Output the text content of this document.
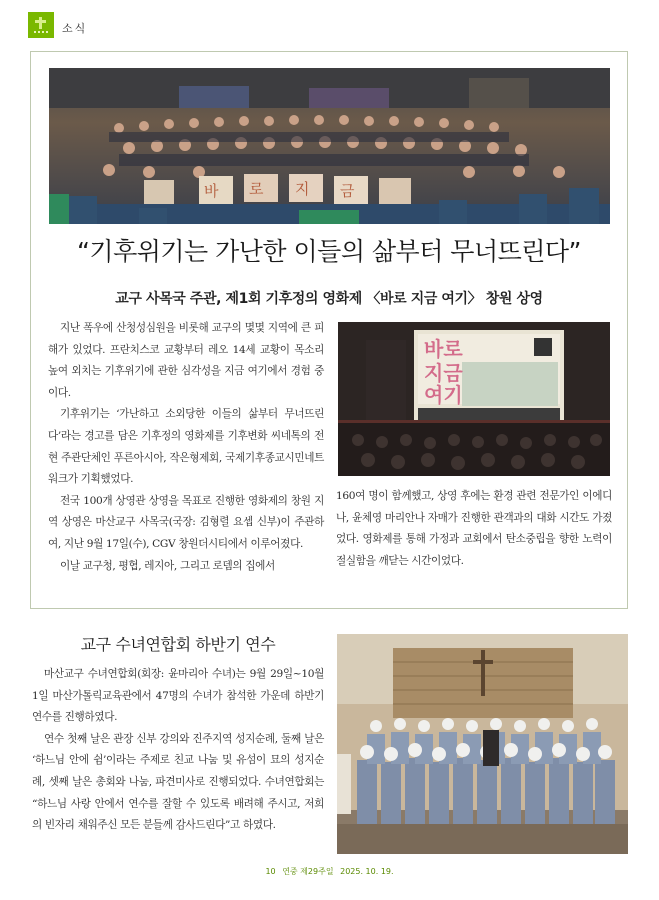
소식
바 로 지 금
“기후위기는 가난한 이들의 삶부터 무너뜨린다”
교구 사목국 주관, 제1회 기후정의 영화제 〈바로 지금 여기〉 창원 상영

지난 폭우에 산청성심원을 비롯해 교구의 몇몇 지역에 큰 피해가 있었다. 프란치스코 교황부터 레오 14세 교황이 목소리 높여 외치는 기후위기에 관한 심각성을 지금 여기에서 경험 중이다.

기후위기는 ‘가난하고 소외당한 이들의 삶부터 무너뜨린다’라는 경고를 담은 기후정의 영화제를 기후변화 씨네톡의 전현 주관단체인 푸른아시아, 작은형제회, 국제기후종교시민네트워크가 기획했었다.

전국 100개 상영관 상영을 목표로 진행한 영화제의 창원 지역 상영은 마산교구 사목국(국장: 김형렬 요셉 신부)이 주관하여, 지난 9월 17일(수), CGV 창원더시티에서 이루어졌다.

이날 교구청, 평협, 레지아, 그리고 로뎀의 집에서

바로
지금
여기

160여 명이 함께했고, 상영 후에는 환경 관련 전문가인 이에디나, 윤체영 마리안나 자매가 진행한 관객과의 대화 시간도 가졌었다. 영화제를 통해 가정과 교회에서 탄소중립을 향한 노력이 절실함을 깨닫는 시간이었다.

교구 수녀연합회 하반기 연수

마산교구 수녀연합회(회장: 윤마리아 수녀)는 9월 29일~10월 1일 마산가톨릭교육관에서 47명의 수녀가 참석한 가운데 하반기 연수를 진행하였다.

연수 첫째 날은 관장 신부 강의와 진주지역 성지순례, 둘째 날은 ‘하느님 안에 쉼’이라는 주제로 친교 나눔 및 유섬이 묘의 성지순례, 셋째 날은 총회와 나눔, 파견미사로 진행되었다. 수녀연합회는 “하느님 사랑 안에서 연수를 잘할 수 있도록 배려해 주시고, 저희의 빈자리 채워주신 모든 분들께 감사드린다”고 하였다.

10 연중 제29주일 2025. 10. 19.
